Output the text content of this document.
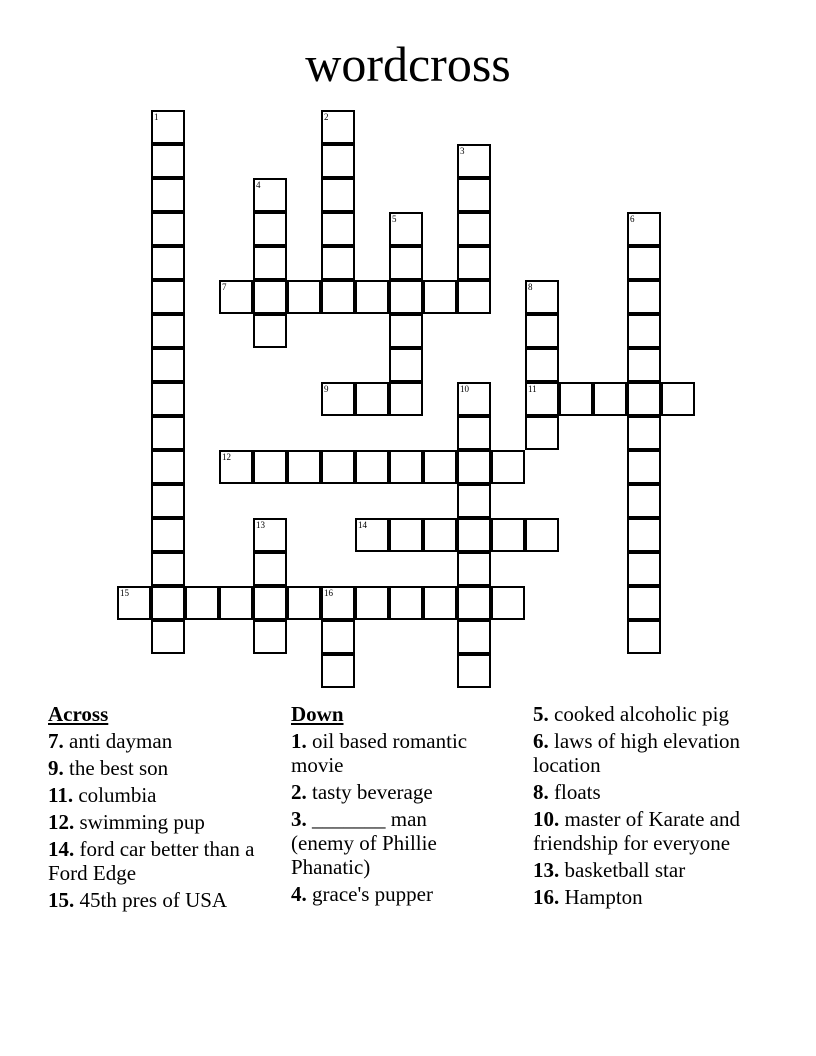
wordcross
1	2
3
4
5	6
7	8
11
9	10
12
13	14
15	16
Across
7. anti dayman
9. the best son
11. columbia
12. swimming pup
14. ford car better than a Ford Edge
15. 45th pres of USA
Down
1. oil based romantic movie
2. tasty beverage
3. _______ man (enemy of Phillie Phanatic)
4. grace's pupper
5. cooked alcoholic pig
6. laws of high elevation location
8. floats
10. master of Karate and friendship for everyone
13. basketball star
16. Hampton
